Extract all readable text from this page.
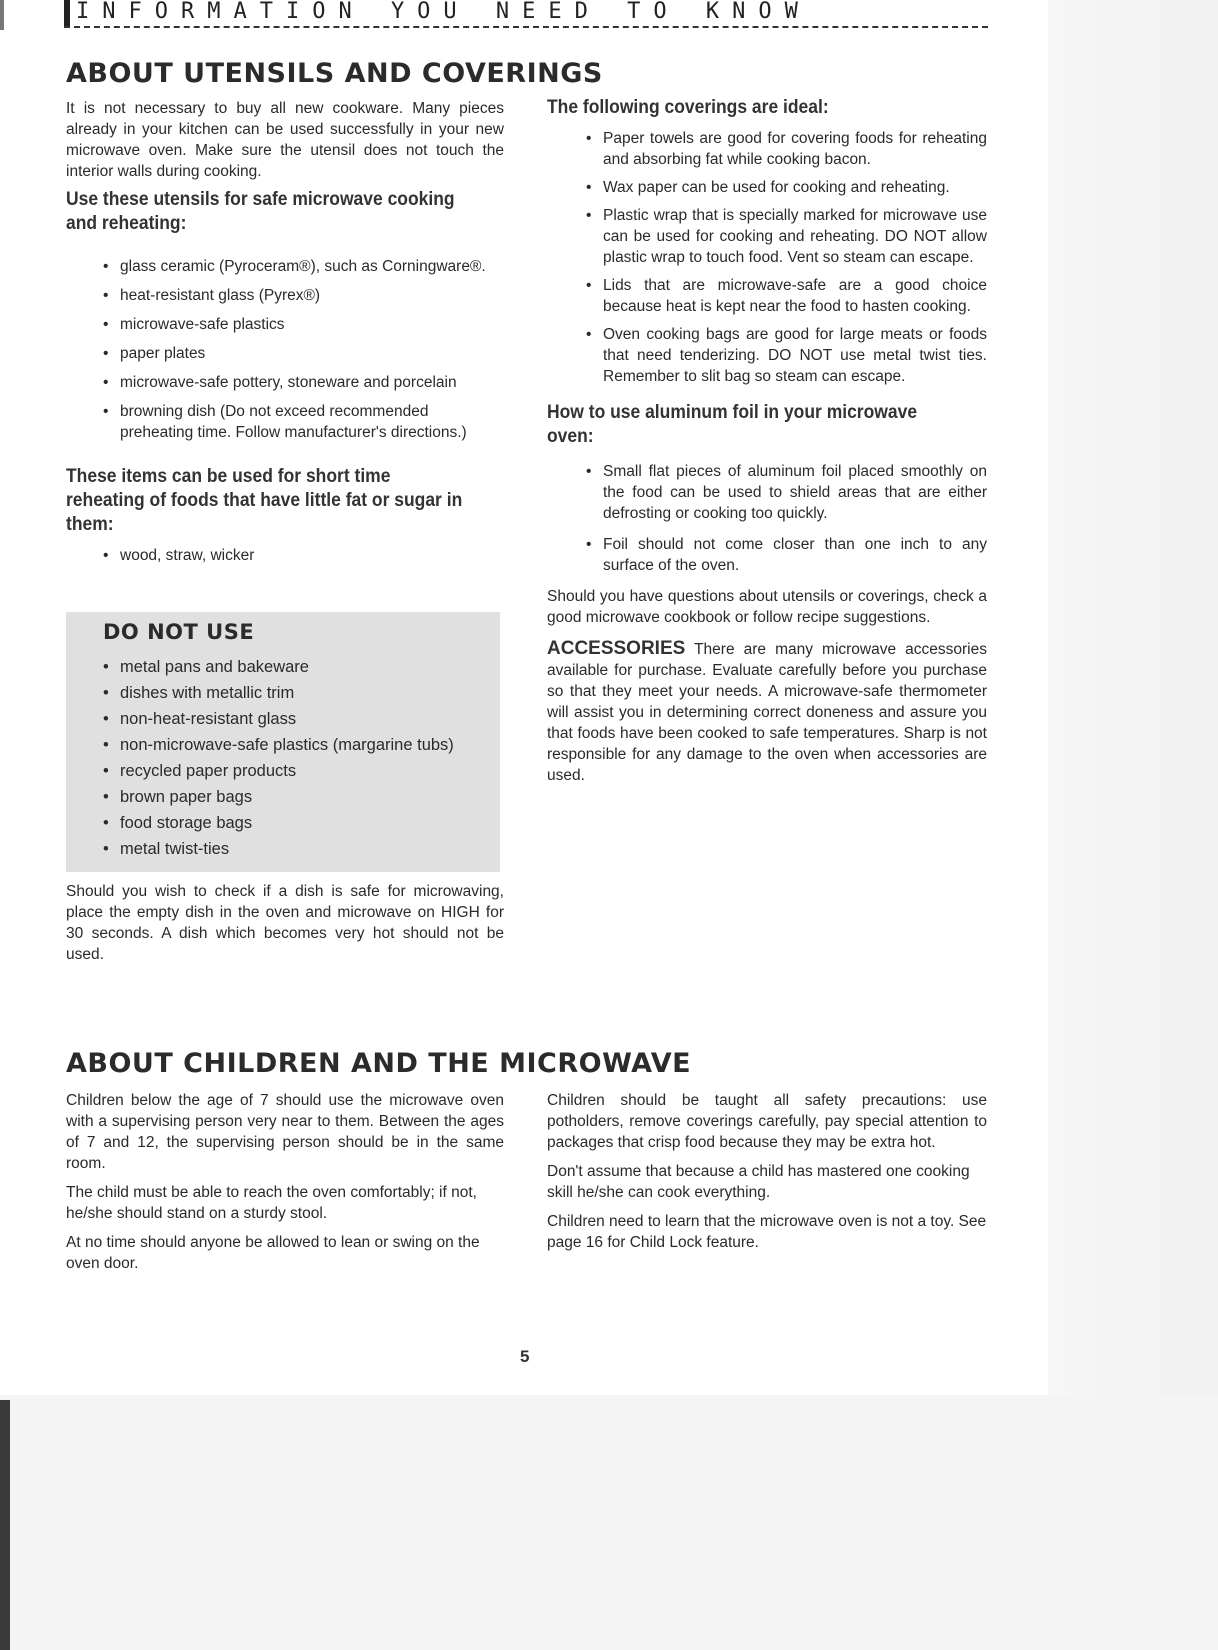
INFORMATION YOU NEED TO KNOW
ABOUT UTENSILS AND COVERINGS

It is not necessary to buy all new cookware. Many pieces already in your kitchen can be used successfully in your new microwave oven. Make sure the utensil does not touch the interior walls during cooking.

Use these utensils for safe microwave cooking and reheating:
• glass ceramic (Pyroceram®), such as Corningware®.
• heat-resistant glass (Pyrex®)
• microwave-safe plastics
• paper plates
• microwave-safe pottery, stoneware and porcelain
• browning dish (Do not exceed recommended preheating time. Follow manufacturer's directions.)
These items can be used for short time reheating of foods that have little fat or sugar in them:
• wood, straw, wicker
DO NOT USE
• metal pans and bakeware
• dishes with metallic trim
• non-heat-resistant glass
• non-microwave-safe plastics (margarine tubs)
• recycled paper products
• brown paper bags
• food storage bags
• metal twist-ties

Should you wish to check if a dish is safe for microwaving, place the empty dish in the oven and microwave on HIGH for 30 seconds. A dish which becomes very hot should not be used.

The following coverings are ideal:
• Paper towels are good for covering foods for reheating and absorbing fat while cooking bacon.
• Wax paper can be used for cooking and reheating.
• Plastic wrap that is specially marked for microwave use can be used for cooking and reheating. DO NOT allow plastic wrap to touch food. Vent so steam can escape.
• Lids that are microwave-safe are a good choice because heat is kept near the food to hasten cooking.
• Oven cooking bags are good for large meats or foods that need tenderizing. DO NOT use metal twist ties. Remember to slit bag so steam can escape.
How to use aluminum foil in your microwave oven:
• Small flat pieces of aluminum foil placed smoothly on the food can be used to shield areas that are either defrosting or cooking too quickly.
• Foil should not come closer than one inch to any surface of the oven.

Should you have questions about utensils or coverings, check a good microwave cookbook or follow recipe suggestions.

ACCESSORIES There are many microwave accessories available for purchase. Evaluate carefully before you purchase so that they meet your needs. A microwave-safe thermometer will assist you in determining correct doneness and assure you that foods have been cooked to safe temperatures. Sharp is not responsible for any damage to the oven when accessories are used.

ABOUT CHILDREN AND THE MICROWAVE

Children below the age of 7 should use the microwave oven with a supervising person very near to them. Between the ages of 7 and 12, the supervising person should be in the same room.

The child must be able to reach the oven comfortably; if not, he/she should stand on a sturdy stool.

At no time should anyone be allowed to lean or swing on the oven door.

Children should be taught all safety precautions: use potholders, remove coverings carefully, pay special attention to packages that crisp food because they may be extra hot.

Don't assume that because a child has mastered one cooking skill he/she can cook everything.

Children need to learn that the microwave oven is not a toy. See page 16 for Child Lock feature.

5
